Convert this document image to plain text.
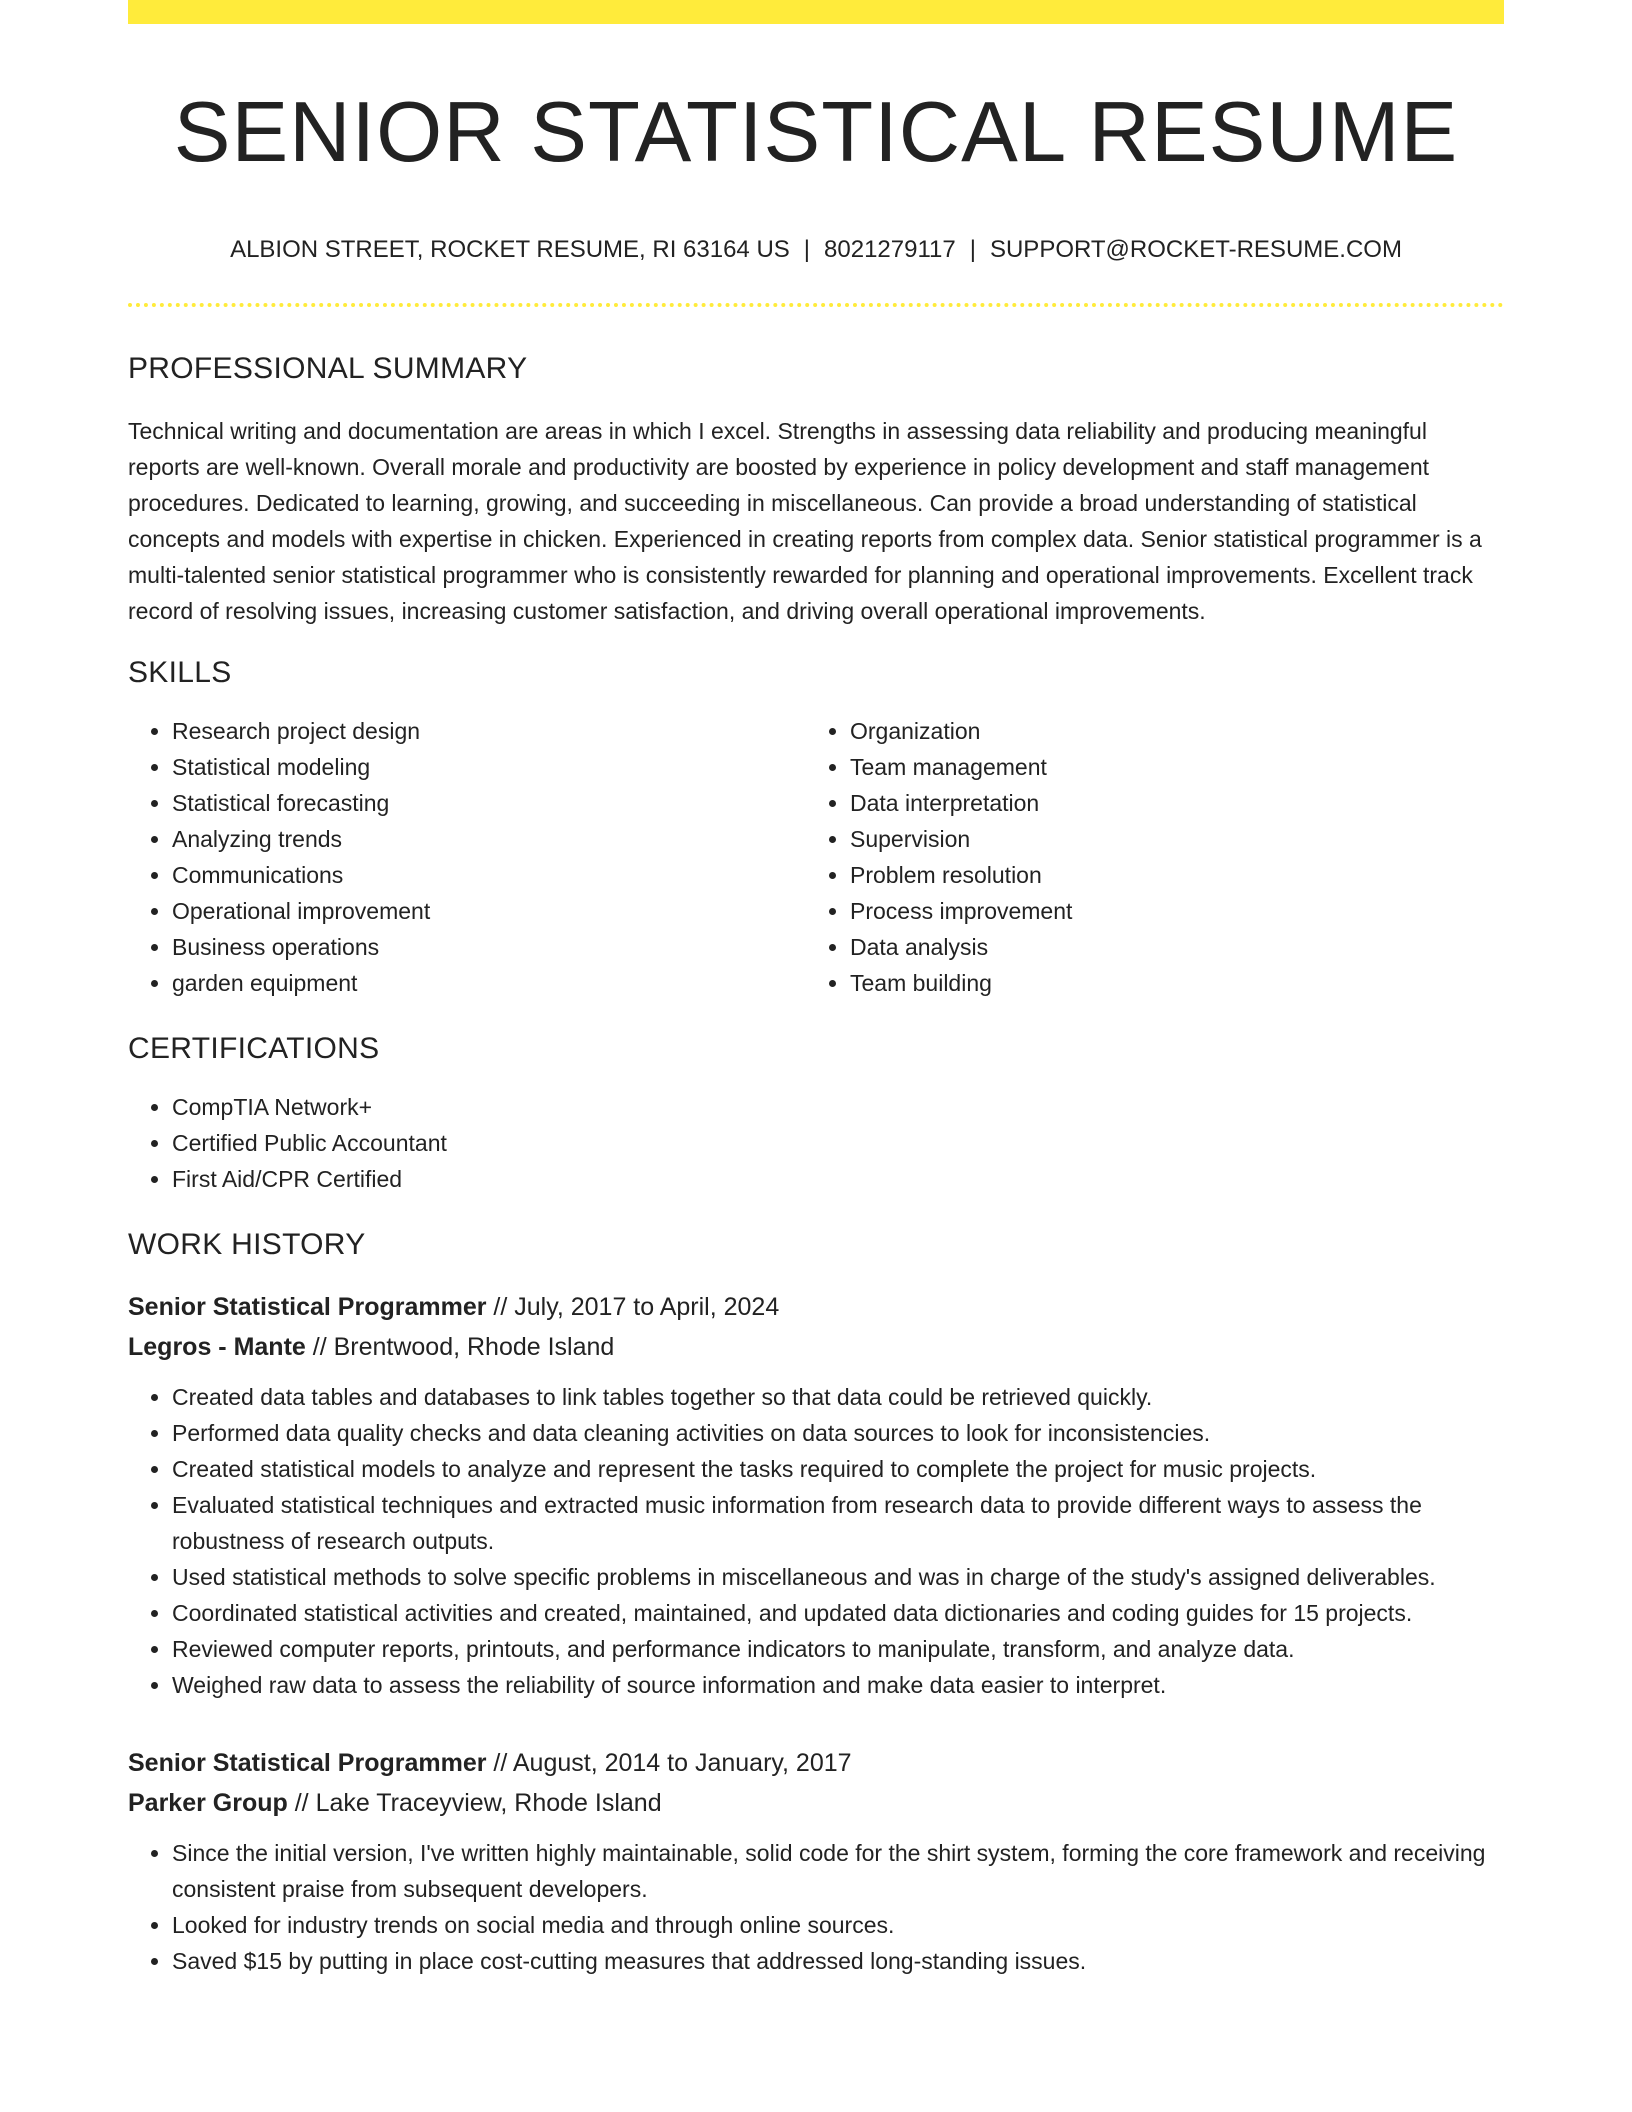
SENIOR STATISTICAL RESUME
ALBION STREET, ROCKET RESUME, RI 63164 US | 8021279117 | SUPPORT@ROCKET-RESUME.COM
PROFESSIONAL SUMMARY

Technical writing and documentation are areas in which I excel. Strengths in assessing data reliability and producing meaningful reports are well-known. Overall morale and productivity are boosted by experience in policy development and staff management procedures. Dedicated to learning, growing, and succeeding in miscellaneous. Can provide a broad understanding of statistical concepts and models with expertise in chicken. Experienced in creating reports from complex data. Senior statistical programmer is a multi-talented senior statistical programmer who is consistently rewarded for planning and operational improvements. Excellent track record of resolving issues, increasing customer satisfaction, and driving overall operational improvements.

SKILLS
• Research project design
• Statistical modeling
• Statistical forecasting
• Analyzing trends
• Communications
• Operational improvement
• Business operations
• garden equipment
• Organization
• Team management
• Data interpretation
• Supervision
• Problem resolution
• Process improvement
• Data analysis
• Team building
CERTIFICATIONS
• CompTIA Network+
• Certified Public Accountant
• First Aid/CPR Certified
WORK HISTORY
Senior Statistical Programmer // July, 2017 to April, 2024
Legros - Mante // Brentwood, Rhode Island
• Created data tables and databases to link tables together so that data could be retrieved quickly.
• Performed data quality checks and data cleaning activities on data sources to look for inconsistencies.
• Created statistical models to analyze and represent the tasks required to complete the project for music projects.
• Evaluated statistical techniques and extracted music information from research data to provide different ways to assess the robustness of research outputs.
• Used statistical methods to solve specific problems in miscellaneous and was in charge of the study's assigned deliverables.
• Coordinated statistical activities and created, maintained, and updated data dictionaries and coding guides for 15 projects.
• Reviewed computer reports, printouts, and performance indicators to manipulate, transform, and analyze data.
• Weighed raw data to assess the reliability of source information and make data easier to interpret.
Senior Statistical Programmer // August, 2014 to January, 2017
Parker Group // Lake Traceyview, Rhode Island
• Since the initial version, I've written highly maintainable, solid code for the shirt system, forming the core framework and receiving consistent praise from subsequent developers.
• Looked for industry trends on social media and through online sources.
• Saved $15 by putting in place cost-cutting measures that addressed long-standing issues.
